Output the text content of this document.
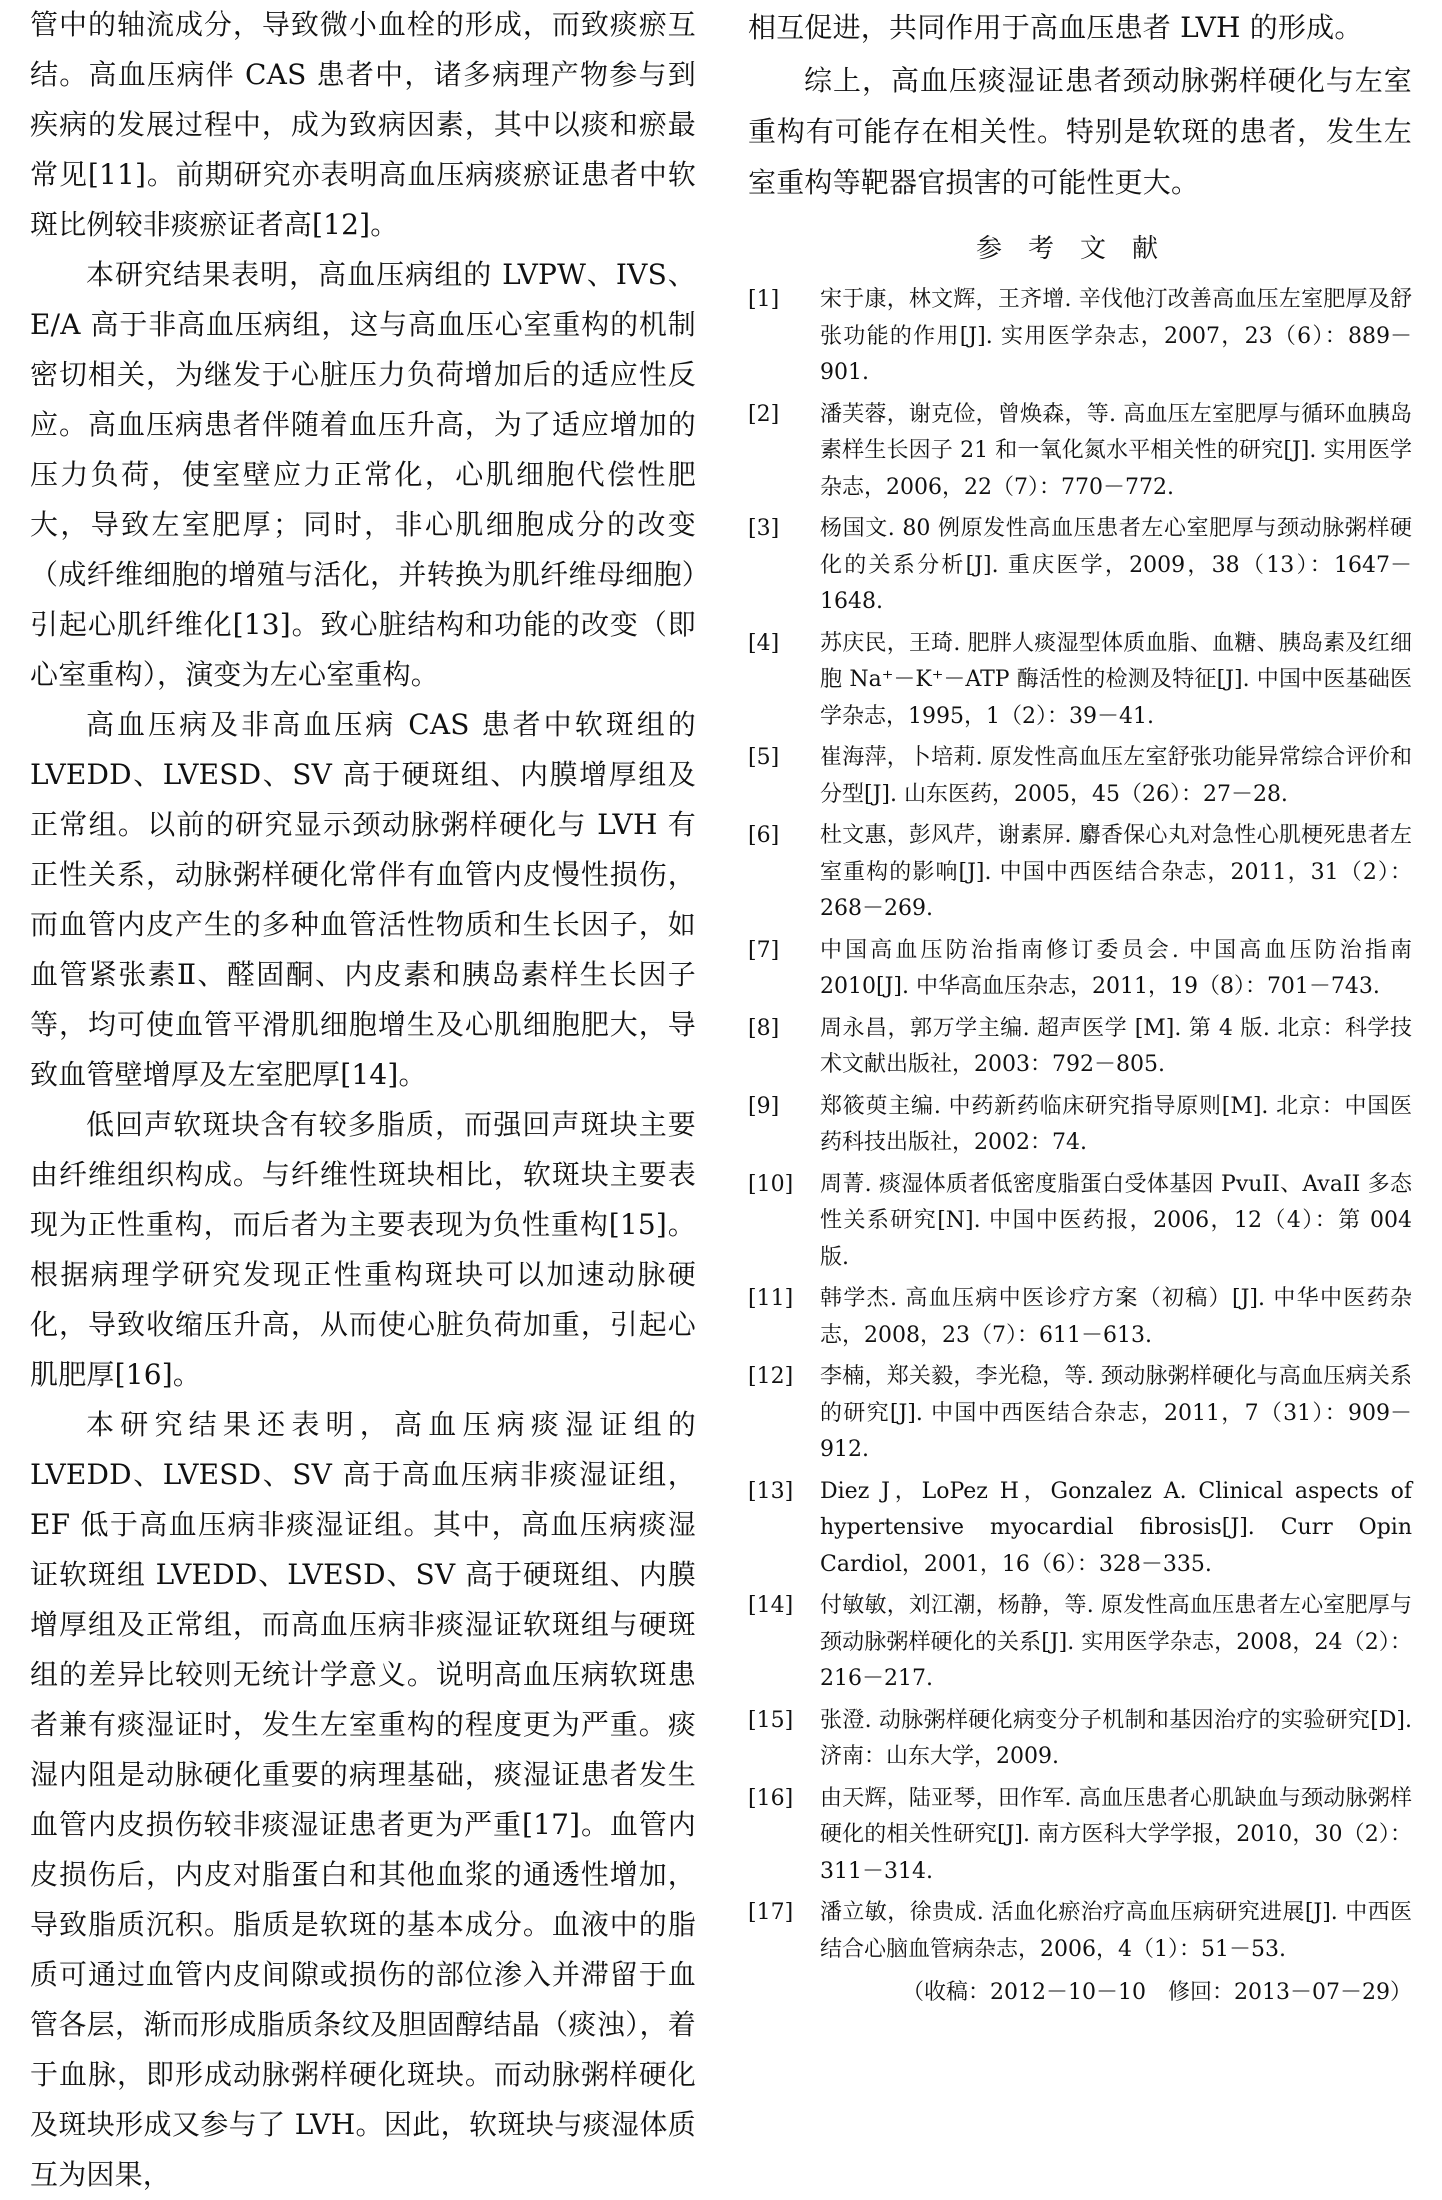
管中的轴流成分，导致微小血栓的形成，而致痰瘀互结。高血压病伴 CAS 患者中，诸多病理产物参与到疾病的发展过程中，成为致病因素，其中以痰和瘀最常见[11]。前期研究亦表明高血压病痰瘀证患者中软斑比例较非痰瘀证者高[12]。

本研究结果表明，高血压病组的 LVPW、IVS、E/A 高于非高血压病组，这与高血压心室重构的机制密切相关，为继发于心脏压力负荷增加后的适应性反应。高血压病患者伴随着血压升高，为了适应增加的压力负荷，使室壁应力正常化，心肌细胞代偿性肥大，导致左室肥厚；同时，非心肌细胞成分的改变（成纤维细胞的增殖与活化，并转换为肌纤维母细胞）引起心肌纤维化[13]。致心脏结构和功能的改变（即心室重构），演变为左心室重构。

高血压病及非高血压病 CAS 患者中软斑组的 LVEDD、LVESD、SV 高于硬斑组、内膜增厚组及正常组。以前的研究显示颈动脉粥样硬化与 LVH 有正性关系，动脉粥样硬化常伴有血管内皮慢性损伤，而血管内皮产生的多种血管活性物质和生长因子，如血管紧张素Ⅱ、醛固酮、内皮素和胰岛素样生长因子等，均可使血管平滑肌细胞增生及心肌细胞肥大，导致血管壁增厚及左室肥厚[14]。

低回声软斑块含有较多脂质，而强回声斑块主要由纤维组织构成。与纤维性斑块相比，软斑块主要表现为正性重构，而后者为主要表现为负性重构[15]。根据病理学研究发现正性重构斑块可以加速动脉硬化，导致收缩压升高，从而使心脏负荷加重，引起心肌肥厚[16]。

本研究结果还表明，高血压病痰湿证组的 LVEDD、LVESD、SV 高于高血压病非痰湿证组，EF 低于高血压病非痰湿证组。其中，高血压病痰湿证软斑组 LVEDD、LVESD、SV 高于硬斑组、内膜增厚组及正常组，而高血压病非痰湿证软斑组与硬斑组的差异比较则无统计学意义。说明高血压病软斑患者兼有痰湿证时，发生左室重构的程度更为严重。痰湿内阻是动脉硬化重要的病理基础，痰湿证患者发生血管内皮损伤较非痰湿证患者更为严重[17]。血管内皮损伤后，内皮对脂蛋白和其他血浆的通透性增加，导致脂质沉积。脂质是软斑的基本成分。血液中的脂质可通过血管内皮间隙或损伤的部位渗入并滞留于血管各层，渐而形成脂质条纹及胆固醇结晶（痰浊），着于血脉，即形成动脉粥样硬化斑块。而动脉粥样硬化及斑块形成又参与了 LVH。因此，软斑块与痰湿体质互为因果，

相互促进，共同作用于高血压患者 LVH 的形成。

综上，高血压痰湿证患者颈动脉粥样硬化与左室重构有可能存在相关性。特别是软斑的患者，发生左室重构等靶器官损害的可能性更大。

参考文献
[1]	宋于康，林文辉，王齐增. 辛伐他汀改善高血压左室肥厚及舒张功能的作用[J]. 实用医学杂志，2007，23（6）：889－901.
[2]	潘芙蓉，谢克俭，曾焕森，等. 高血压左室肥厚与循环血胰岛素样生长因子 21 和一氧化氮水平相关性的研究[J]. 实用医学杂志，2006，22（7）：770－772.
[3]	杨国文. 80 例原发性高血压患者左心室肥厚与颈动脉粥样硬化的关系分析[J]. 重庆医学，2009，38（13）：1647－1648.
[4]	苏庆民，王琦. 肥胖人痰湿型体质血脂、血糖、胰岛素及红细胞 Na⁺－K⁺－ATP 酶活性的检测及特征[J]. 中国中医基础医学杂志，1995，1（2）：39－41.
[5]	崔海萍，卜培莉. 原发性高血压左室舒张功能异常综合评价和分型[J]. 山东医药，2005，45（26）：27－28.
[6]	杜文惠，彭风芹，谢素屏. 麝香保心丸对急性心肌梗死患者左室重构的影响[J]. 中国中西医结合杂志，2011，31（2）：268－269.
[7]	中国高血压防治指南修订委员会. 中国高血压防治指南2010[J]. 中华高血压杂志，2011，19（8）：701－743.
[8]	周永昌，郭万学主编. 超声医学 [M]. 第 4 版. 北京：科学技术文献出版社，2003：792－805.
[9]	郑筱萸主编. 中药新药临床研究指导原则[M]. 北京：中国医药科技出版社，2002：74.
[10]	周菁. 痰湿体质者低密度脂蛋白受体基因 PvuII、AvaII 多态性关系研究[N]. 中国中医药报，2006，12（4）：第 004 版.
[11]	韩学杰. 高血压病中医诊疗方案（初稿）[J]. 中华中医药杂志，2008，23（7）：611－613.
[12]	李楠，郑关毅，李光稳，等. 颈动脉粥样硬化与高血压病关系的研究[J]. 中国中西医结合杂志，2011，7（31）：909－912.
[13]	Diez J，LoPez H，Gonzalez A. Clinical aspects of hypertensive myocardial fibrosis[J]. Curr Opin Cardiol，2001，16（6）：328－335.
[14]	付敏敏，刘江潮，杨静，等. 原发性高血压患者左心室肥厚与颈动脉粥样硬化的关系[J]. 实用医学杂志，2008，24（2）：216－217.
[15]	张澄. 动脉粥样硬化病变分子机制和基因治疗的实验研究[D]. 济南：山东大学，2009.
[16]	由天辉，陆亚琴，田作军. 高血压患者心肌缺血与颈动脉粥样硬化的相关性研究[J]. 南方医科大学学报，2010，30（2）：311－314.
[17]	潘立敏，徐贵成. 活血化瘀治疗高血压病研究进展[J]. 中西医结合心脑血管病杂志，2006，4（1）：51－53.
（收稿：2012－10－10　修回：2013－07－29）
